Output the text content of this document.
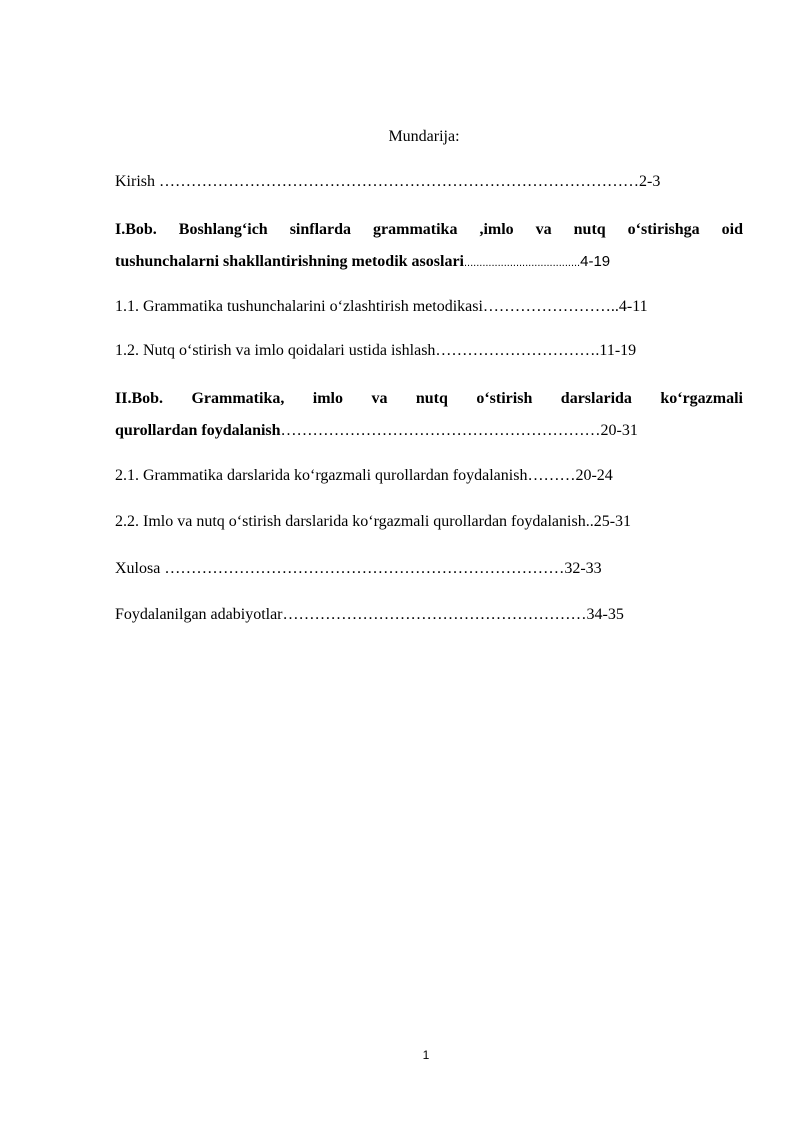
Mundarija:
Kirish ………………………………………………………………………………2-3
I.Bob. Boshlang‘ich sinflarda grammatika ,imlo va nutq o‘stirishga oid
tushunchalarni shakllantirishning metodik asoslari......................................4-19
1.1. Grammatika tushunchalarini o‘zlashtirish metodikasi……………………..4-11
1.2. Nutq o‘stirish va imlo qoidalari ustida ishlash………………………….11-19
II.Bob. Grammatika, imlo va nutq o‘stirish darslarida ko‘rgazmali
qurollardan foydalanish……………………………………………………20-31
2.1. Grammatika darslarida ko‘rgazmali qurollardan foydalanish………20-24
2.2. Imlo va nutq o‘stirish darslarida ko‘rgazmali qurollardan foydalanish..25-31
Xulosa …………………………………………………………………32-33
Foydalanilgan adabiyotlar…………………………………………………34-35
1
